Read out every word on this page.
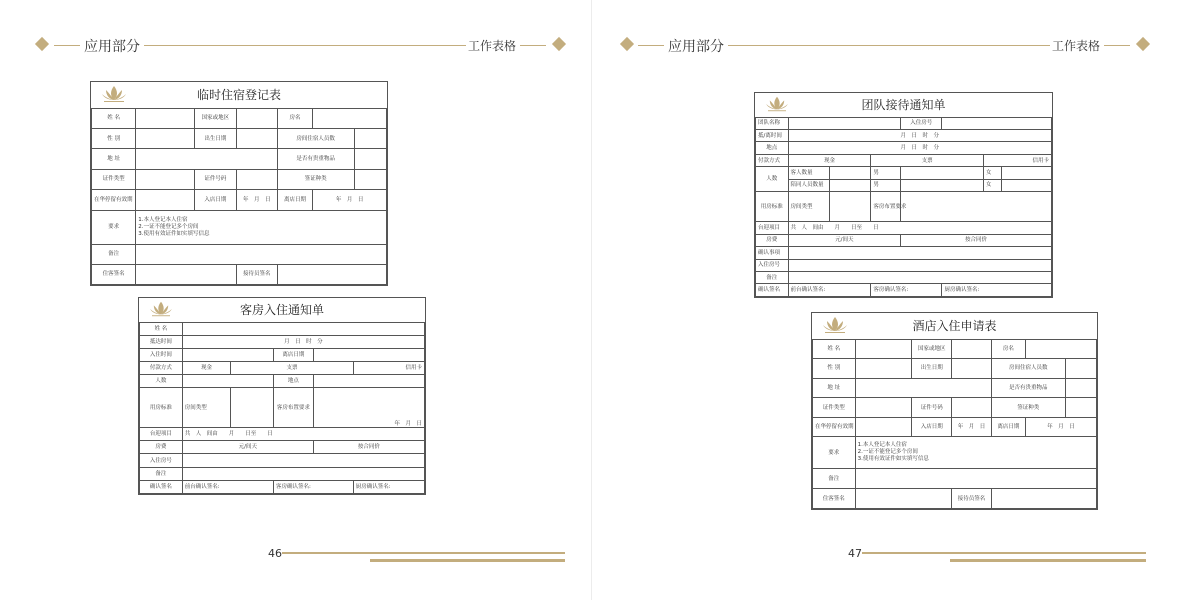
应用部分	工作表格
临时住宿登记表						
姓 名		国家或地区		房名		
性 别		出生日期		房间住宿人员数		
地 址				是否有贵重物品		
证件类型		证件号码		签证种类		
在华停留有效期		入店日期	年　月　日	离店日期	年　月　日	
要求	1.本人登记本人住宿
2.一证不能登记多个房间
3.使用有效证件如实填写信息					

备注						
住客签名			接待员签名			
客房入住通知单					
姓 名					
抵达时间	月　日　时　分				
入住时间			离店日期		
付款方式	现金	支票			信用卡
人数			地点		
用房标准	房间类型		客房布置要求	年　月　日	
台迎项目	共　人　间由　　月　　日至　　日				
房费	元/间天			按合同价	
入住房号					
备注					
确认签名	前台确认签名:		客房确认签名:		厨房确认签名:
46
应用部分	工作表格
团队接待通知单							
团队名称				入住房号			
抵/离时间	月　日　时　分						
地点	月　日　时　分						
付款方式	现金		支票			信用卡	
人数	客人数量		男			女	
	陪同人员数量		男			女	
用房标准	房间类型		客房布置要求				
台迎项目	共　人　间由　　月　　日至　　日						
房费	元/间天			按合同价			
确认事项							
入住房号							
备注							
确认签名	前台确认签名:		客房确认签名:		厨房确认签名:		
酒店入住申请表						
姓 名		国家或地区		房名		
性 别		出生日期		房间住宿人员数		
地 址				是否有贵重物品		
证件类型		证件号码		签证种类		
在华停留有效期		入店日期	年　月　日	离店日期	年　月　日	
要求	1.本人登记本人住宿
2.一证不能登记多个房间
3.使用有效证件如实填写信息					

备注						
住客签名			接待员签名			
47
